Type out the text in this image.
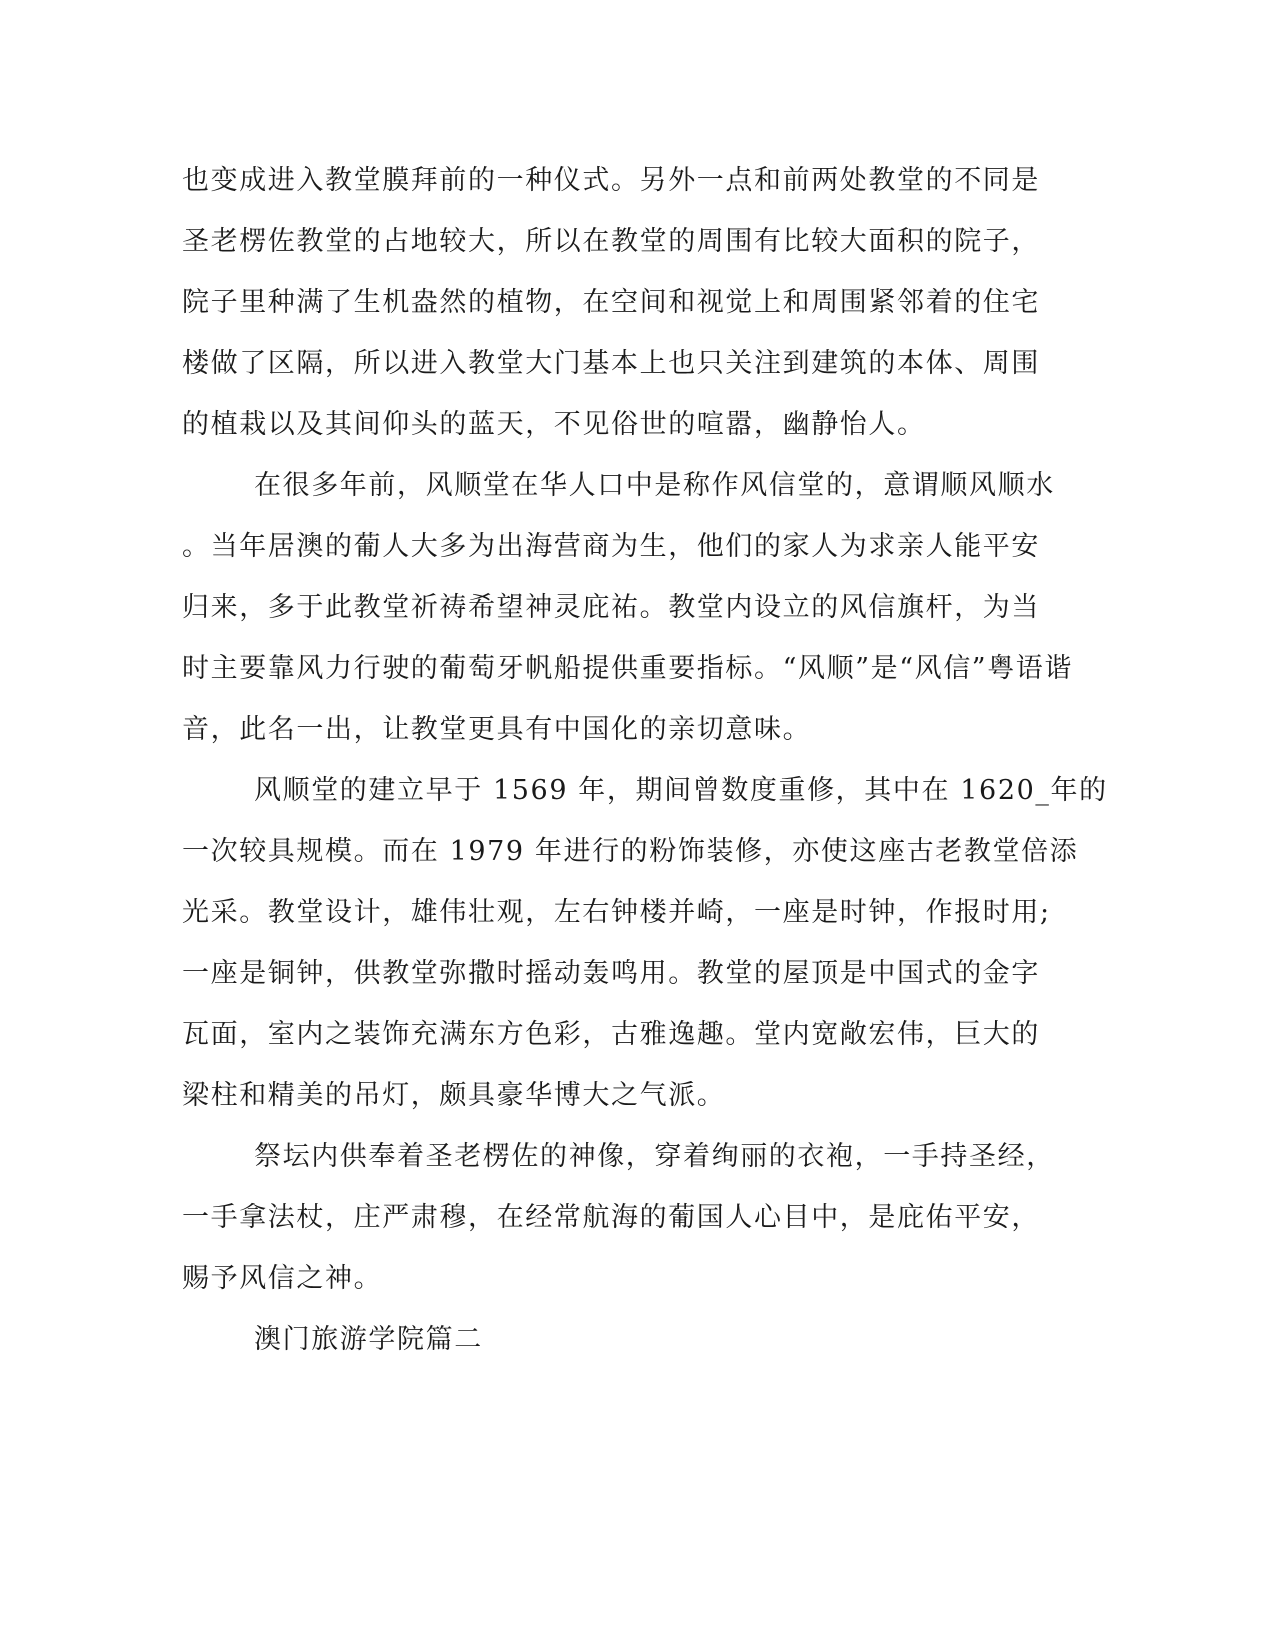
也变成进入教堂膜拜前的一种仪式。另外一点和前两处教堂的不同是
圣老楞佐教堂的占地较大，所以在教堂的周围有比较大面积的院子，
院子里种满了生机盎然的植物，在空间和视觉上和周围紧邻着的住宅
楼做了区隔，所以进入教堂大门基本上也只关注到建筑的本体、周围
的植栽以及其间仰头的蓝天，不见俗世的喧嚣，幽静怡人。
在很多年前，风顺堂在华人口中是称作风信堂的，意谓顺风顺水
。当年居澳的葡人大多为出海营商为生，他们的家人为求亲人能平安
归来，多于此教堂祈祷希望神灵庇祐。教堂内设立的风信旗杆，为当
时主要靠风力行驶的葡萄牙帆船提供重要指标。“风顺”是“风信”粤语谐
音，此名一出，让教堂更具有中国化的亲切意味。
风顺堂的建立早于 1569 年，期间曾数度重修，其中在 1620_年的
一次较具规模。而在 1979 年进行的粉饰装修，亦使这座古老教堂倍添
光采。教堂设计，雄伟壮观，左右钟楼并崎，一座是时钟，作报时用;
一座是铜钟，供教堂弥撒时摇动轰鸣用。教堂的屋顶是中国式的金字
瓦面，室内之装饰充满东方色彩，古雅逸趣。堂内宽敞宏伟，巨大的
梁柱和精美的吊灯，颇具豪华博大之气派。
祭坛内供奉着圣老楞佐的神像，穿着绚丽的衣袍，一手持圣经，
一手拿法杖，庄严肃穆，在经常航海的葡国人心目中，是庇佑平安，
赐予风信之神。
澳门旅游学院篇二
